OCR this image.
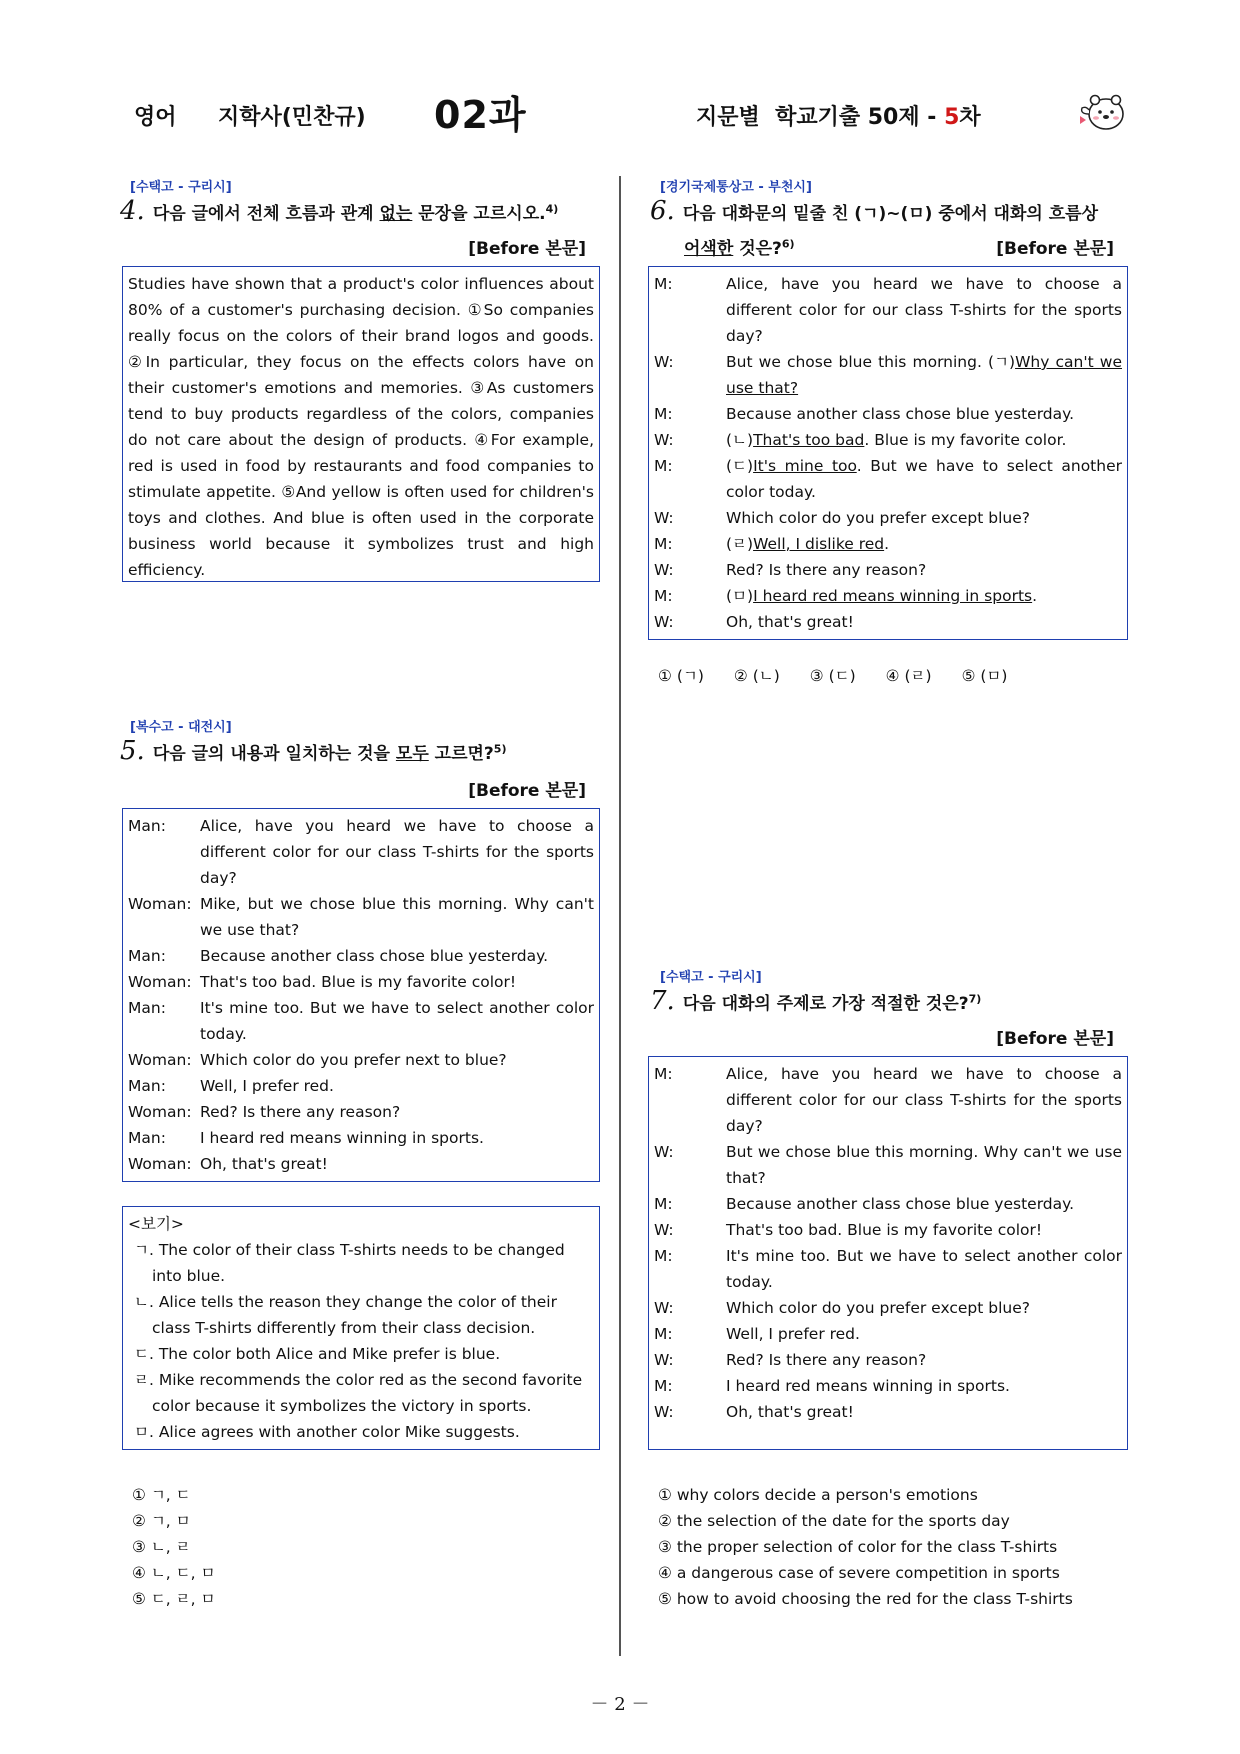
영어 지학사(민찬규) 02과	지문별  학교기출 50제 - 5차
[수택고 - 구리시]
4. 다음 글에서 전체 흐름과 관계 없는 문장을 고르시오.$^{4)}$
[Before 본문]
Studies have shown that a product's color influences about 80% of a customer's purchasing decision. ①So companies really focus on the colors of their brand logos and goods. ②In particular, they focus on the effects colors have on their customer's emotions and memories. ③As customers tend to buy products regardless of the colors, companies do not care about the design of products. ④For example, red is used in food by restaurants and food companies to stimulate appetite. ⑤And yellow is often used for children's toys and clothes. And blue is often used in the corporate business world because it symbolizes trust and high efficiency.
[복수고 - 대전시]
5. 다음 글의 내용과 일치하는 것을 모두 고르면?$^{5)}$
[Before 본문]
Man:	Alice, have you heard we have to choose a different color for our class T-shirts for the sports day?
Woman: Mike, but we chose blue this morning. Why can't we use that?
Man:	Because another class chose blue yesterday.
Woman: That's too bad. Blue is my favorite color!
Man:	It's mine too. But we have to select another color today.
Woman: Which color do you prefer next to blue?
Man:	Well, I prefer red.
Woman: Red? Is there any reason?
Man:	I heard red means winning in sports.
Woman: Oh, that's great!
<보기>
ㄱ. The color of their class T-shirts needs to be changed into blue.
ㄴ. Alice tells the reason they change the color of their class T-shirts differently from their class decision.
ㄷ. The color both Alice and Mike prefer is blue.
ㄹ. Mike recommends the color red as the second favorite color because it symbolizes the victory in sports.
ㅁ. Alice agrees with another color Mike suggests.
① ㄱ, ㄷ
② ㄱ, ㅁ
③ ㄴ, ㄹ
④ ㄴ, ㄷ, ㅁ
⑤ ㄷ, ㄹ, ㅁ
[경기국제통상고 - 부천시]
6. 다음 대화문의 밑줄 친 (ㄱ)~(ㅁ) 중에서 대화의 흐름상
어색한 것은?$^{6)}$	[Before 본문]
M:	Alice, have you heard we have to choose a different color for our class T-shirts for the sports day?
W:	But we chose blue this morning. (ㄱ)Why can't we use that?
M:	Because another class chose blue yesterday.
W:	(ㄴ)That's too bad. Blue is my favorite color.
M:	(ㄷ)It's mine too. But we have to select another color today.
W:	Which color do you prefer except blue?
M:	(ㄹ)Well, I dislike red.
W:	Red? Is there any reason?
M:	(ㅁ)I heard red means winning in sports.
W:	Oh, that's great!
① (ㄱ) ② (ㄴ) ③ (ㄷ) ④ (ㄹ) ⑤ (ㅁ)
[수택고 - 구리시]
7. 다음 대화의 주제로 가장 적절한 것은?$^{7)}$
[Before 본문]
M:	Alice, have you heard we have to choose a different color for our class T-shirts for the sports day?
W:	But we chose blue this morning. Why can't we use that?
M:	Because another class chose blue yesterday.
W:	That's too bad. Blue is my favorite color!
M:	It's mine too. But we have to select another color today.
W:	Which color do you prefer except blue?
M:	Well, I prefer red.
W:	Red? Is there any reason?
M:	I heard red means winning in sports.
W:	Oh, that's great!
① why colors decide a person's emotions
② the selection of the date for the sports day
③ the proper selection of color for the class T-shirts
④ a dangerous case of severe competition in sports
⑤ how to avoid choosing the red for the class T-shirts
－ 2 －
